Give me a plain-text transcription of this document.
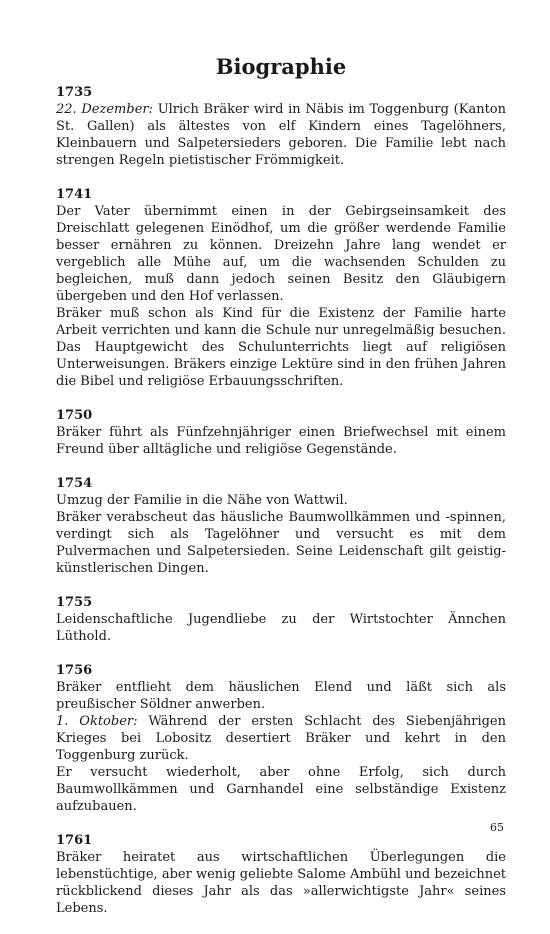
Biographie
1735
22. Dezember: Ulrich Bräker wird in Näbis im Toggenburg (Kanton St. Gallen) als ältestes von elf Kindern eines Tagelöhners, Kleinbauern und Salpetersieders geboren. Die Familie lebt nach strengen Regeln pietistischer Frömmigkeit.
1741
Der Vater übernimmt einen in der Gebirgseinsamkeit des Dreischlatt gelegenen Einödhof, um die größer werdende Familie besser ernähren zu können. Dreizehn Jahre lang wendet er vergeblich alle Mühe auf, um die wachsenden Schulden zu begleichen, muß dann jedoch seinen Besitz den Gläubigern übergeben und den Hof verlassen.
Bräker muß schon als Kind für die Existenz der Familie harte Arbeit verrichten und kann die Schule nur unregelmäßig besuchen. Das Hauptgewicht des Schulunterrichts liegt auf religiösen Unterweisungen. Bräkers einzige Lektüre sind in den frühen Jahren die Bibel und religiöse Erbauungsschriften.
1750
Bräker führt als Fünfzehnjähriger einen Briefwechsel mit einem Freund über alltägliche und religiöse Gegenstände.
1754
Umzug der Familie in die Nähe von Wattwil.
Bräker verabscheut das häusliche Baumwollkämmen und -spinnen, verdingt sich als Tagelöhner und versucht es mit dem Pulvermachen und Salpetersieden. Seine Leidenschaft gilt geistig-künstlerischen Dingen.
1755
Leidenschaftliche Jugendliebe zu der Wirtstochter Ännchen Lüthold.
1756
Bräker entflieht dem häuslichen Elend und läßt sich als preußischer Söldner anwerben.
1. Oktober: Während der ersten Schlacht des Siebenjährigen Krieges bei Lobositz desertiert Bräker und kehrt in den Toggenburg zurück.
Er versucht wiederholt, aber ohne Erfolg, sich durch Baumwollkämmen und Garnhandel eine selbständige Existenz aufzubauen.
1761
Bräker heiratet aus wirtschaftlichen Überlegungen die lebenstüchtige, aber wenig geliebte Salome Ambühl und bezeichnet rückblickend dieses Jahr als das »allerwichtigste Jahr« seines Lebens.
65
